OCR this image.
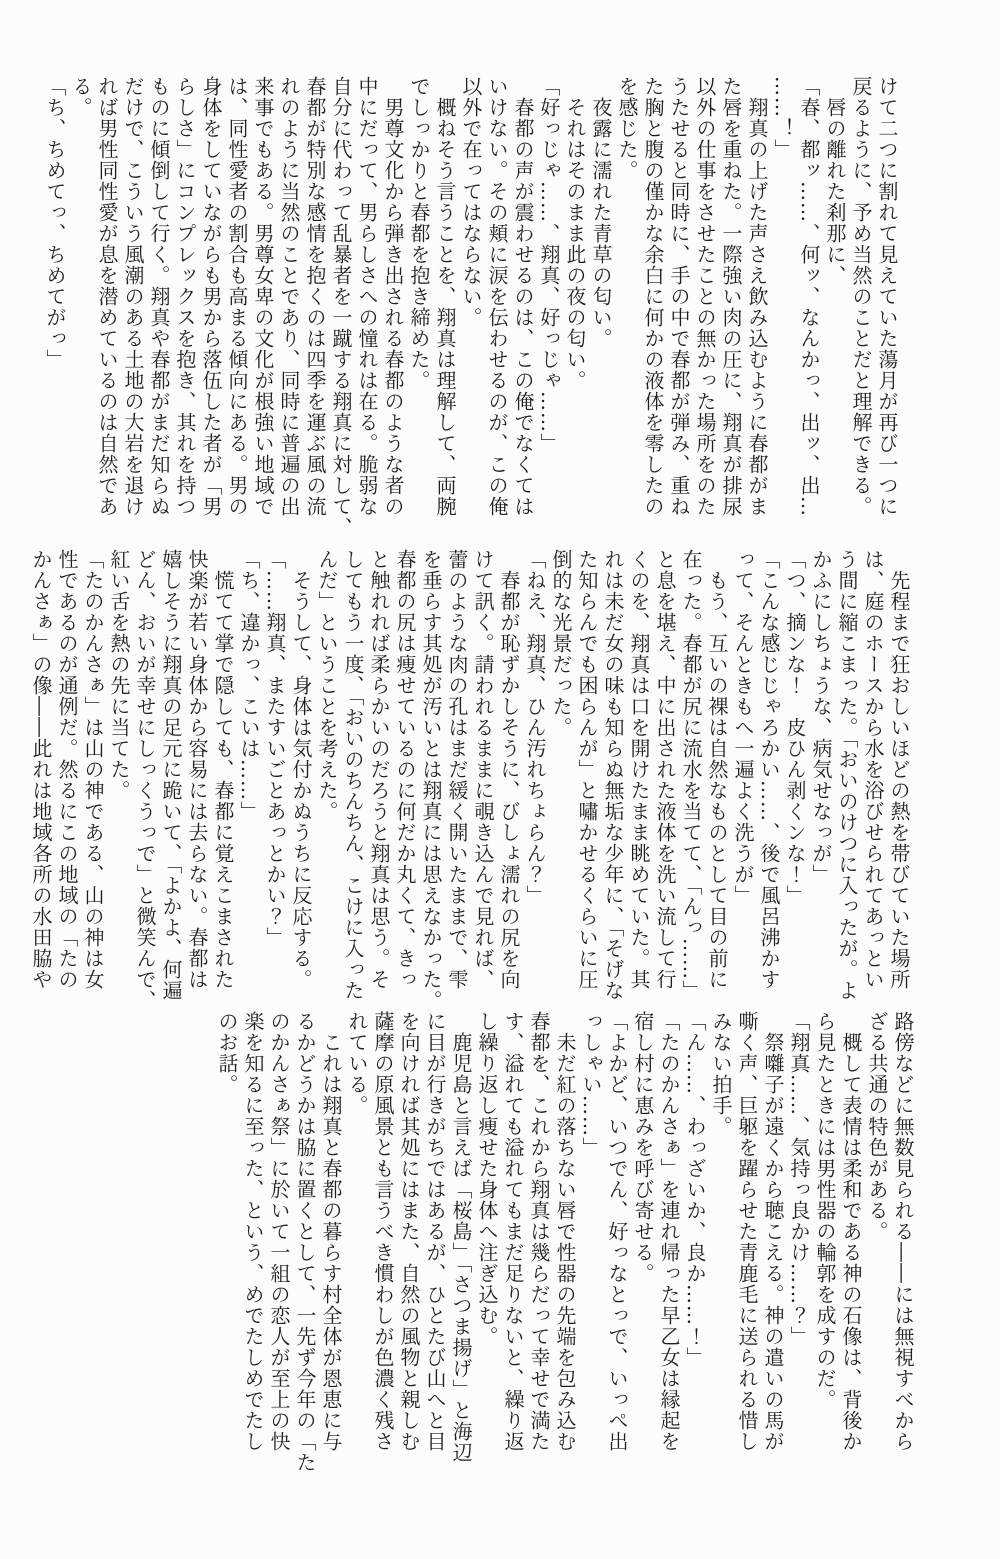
けて二つに割れて見えていた蕩月が再び一つに

戻るように、予め当然のことだと理解できる。

　唇の離れた刹那に、

「春、都ッ……、何ッ、なんかっ、出ッ、出…

……！」

　翔真の上げた声さえ飲み込むように春都がま

た唇を重ねた。一際強い肉の圧に、翔真が排尿

以外の仕事をさせたことの無かった場所をのた

うたせると同時に、手の中で春都が弾み、重ね

た胸と腹の僅かな余白に何かの液体を零したの

を感じた。

　夜露に濡れた青草の匂い。

　それはそのまま此の夜の匂い。

「好っじゃ……、翔真、好っじゃ……」

　春都の声が震わせるのは、この俺でなくては

いけない。その頬に涙を伝わせるのが、この俺

以外で在ってはならない。

　概ねそう言うことを、翔真は理解して、両腕

でしっかりと春都を抱き締めた。

　男尊文化から弾き出される春都のような者の

中にだって、男らしさへの憧れは在る。脆弱な

自分に代わって乱暴者を一蹴する翔真に対して、

春都が特別な感情を抱くのは四季を運ぶ風の流

れのように当然のことであり、同時に普遍の出

来事でもある。男尊女卑の文化が根強い地域で

は、同性愛者の割合も高まる傾向にある。男の

身体をしていながらも男から落伍した者が「男

らしさ」にコンプレックスを抱き、其れを持つ

ものに傾倒して行く。翔真や春都がまだ知らぬ

だけで、こういう風潮のある土地の大岩を退け

れば男性同性愛が息を潜めているのは自然であ

る。

「ち、ちめてっ、ちめてがっ」

　先程まで狂おしいほどの熱を帯びていた場所

は、庭のホースから水を浴びせられてあっとい

う間に縮こまった。「おいのけつに入ったが。よ

かふにしちょうな、病気せなっが」

「つ、摘ンな！　皮ひん剥くンな！」

「こんな感じじゃろかい……、後で風呂沸かす

って、そんときもへ一遍よく洗うが」

　もう、互いの裸は自然なものとして目の前に

在った。春都が尻に流水を当てて、「んっ……」

と息を堪え、中に出された液体を洗い流して行

くのを、翔真は口を開けたまま眺めていた。其

れは未だ女の味も知らぬ無垢な少年に、「そげな

た知らんでも困らんが」と嘯かせるくらいに圧

倒的な光景だった。

「ねえ、翔真、ひん汚れちょらん？」

　春都が恥ずかしそうに、びしょ濡れの尻を向

けて訊く。請われるままに覗き込んで見れば、

蕾のような肉の孔はまだ緩く開いたままで、雫

を垂らす其処が汚いとは翔真には思えなかった。

春都の尻は痩せているのに何だか丸くて、きっ

と触れれば柔らかいのだろうと翔真は思う。そ

してもう一度、「おいのちんちん、こけに入った

んだ」ということを考えた。

　そうして、身体は気付かぬうちに反応する。

「……翔真、またすいごとあっとかい？」

「ち、違かっ、こいは……」

　慌てて掌で隠しても、春都に覚えこまされた

快楽が若い身体から容易には去らない。春都は

嬉しそうに翔真の足元に跪いて、「よかよ、何遍

どん、おいが幸せにしっくうっで」と微笑んで、

紅い舌を熱の先に当てた。

「たのかんさぁ」は山の神である、山の神は女

性であるのが通例だ。然るにこの地域の「たの

かんさぁ」の像――此れは地域各所の水田脇や

路傍などに無数見られる――には無視すべから

ざる共通の特色がある。

　概して表情は柔和である神の石像は、背後か

ら見たときには男性器の輪郭を成すのだ。

「翔真……、気持っ良かけ……？」

　祭囃子が遠くから聴こえる。神の遣いの馬が

嘶く声、巨躯を躍らせた青鹿毛に送られる惜し

みない拍手。

「ん……、わっざいか、良か……！」

「たのかんさぁ」を連れ帰った早乙女は縁起を

宿し村に恵みを呼び寄せる。

「よかど、いつでん、好っなとっで、いっぺ出

っしゃい……」

　未だ紅の落ちない唇で性器の先端を包み込む

春都を、これから翔真は幾らだって幸せで満た

す、溢れても溢れてもまだ足りないと、繰り返

し繰り返し痩せた身体へ注ぎ込む。

　鹿児島と言えば「桜島」「さつま揚げ」と海辺

に目が行きがちではあるが、ひとたび山へと目

を向ければ其処にはまた、自然の風物と親しむ

薩摩の原風景とも言うべき慣わしが色濃く残さ

れている。

　これは翔真と春都の暮らす村全体が恩恵に与

るかどうかは脇に置くとして、一先ず今年の「た

のかんさぁ祭」に於いて一組の恋人が至上の快

楽を知るに至った、という、めでたしめでたし

のお話。
